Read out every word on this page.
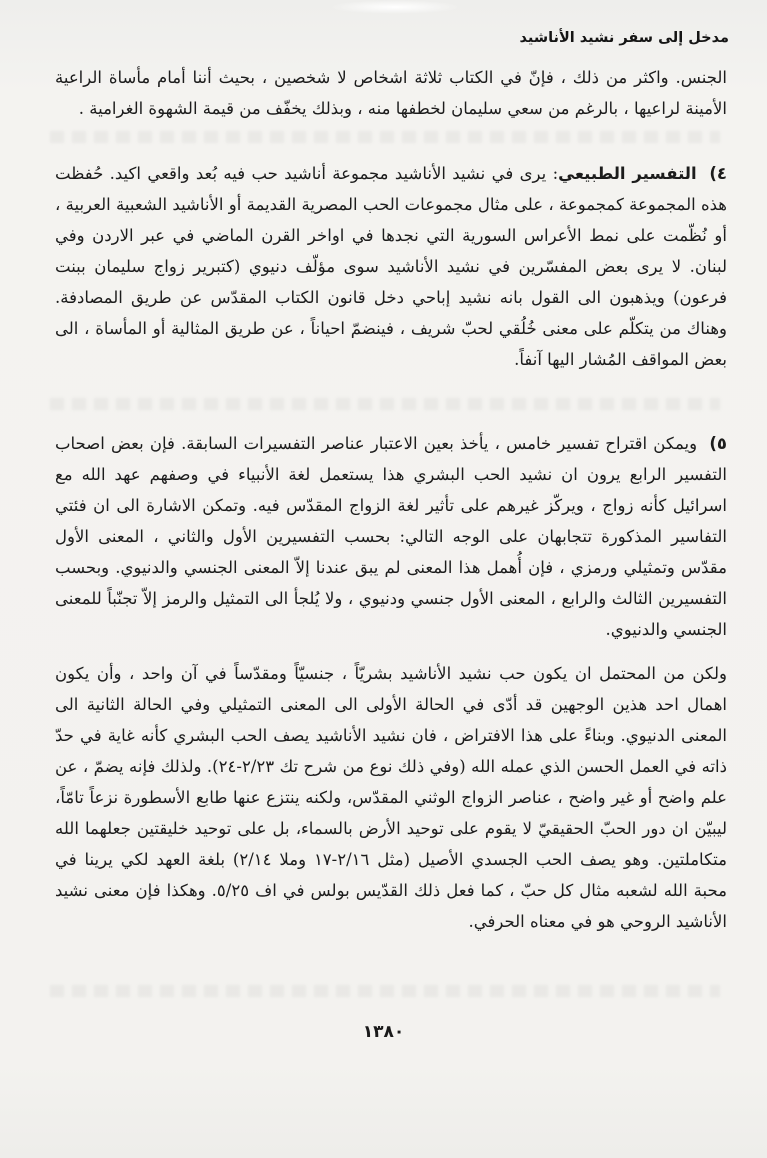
مدخل إلى سفر نشيد الأناشيد

الجنس. واكثر من ذلك ، فإنّ في الكتاب ثلاثة اشخاص لا شخصين ، بحيث أننا أمام مأساة الراعية الأمينة لراعيها ، بالرغم من سعي سليمان لخطفها منه ، وبذلك يخفّف من قيمة الشهوة الغرامية .

٤)  التفسير الطبيعي: يرى في نشيد الأناشيد مجموعة أناشيد حب فيه بُعد واقعي اكيد. حُفظت هذه المجموعة كمجموعة ، على مثال مجموعات الحب المصرية القديمة أو الأناشيد الشعبية العربية ، أو نُظّمت على نمط الأعراس السورية التي نجدها في اواخر القرن الماضي في عبر الاردن وفي لبنان. لا يرى بعض المفسّرين في نشيد الأناشيد سوى مؤلّف دنيوي (كتبرير زواج سليمان ببنت فرعون) ويذهبون الى القول بانه نشيد إباحي دخل قانون الكتاب المقدّس عن طريق المصادفة. وهناك من يتكلّم على معنى خُلُقي لحبّ شريف ، فينضمّ احياناً ، عن طريق المثالية أو المأساة ، الى بعض المواقف المُشار اليها آنفاً.

٥)  ويمكن اقتراح تفسير خامس ، يأخذ بعين الاعتبار عناصر التفسيرات السابقة. فإن بعض اصحاب التفسير الرابع يرون ان نشيد الحب البشري هذا يستعمل لغة الأنبياء في وصفهم عهد الله مع اسرائيل كأنه زواج ، ويركّز غيرهم على تأثير لغة الزواج المقدّس فيه. وتمكن الاشارة الى ان فئتي التفاسير المذكورة تتجابهان على الوجه التالي: بحسب التفسيرين الأول والثاني ، المعنى الأول مقدّس وتمثيلي ورمزي ، فإن أُهمل هذا المعنى لم يبق عندنا إلاّ المعنى الجنسي والدنيوي. وبحسب التفسيرين الثالث والرابع ، المعنى الأول جنسي ودنيوي ، ولا يُلجأ الى التمثيل والرمز إلاّ تجنّباً للمعنى الجنسي والدنيوي.

ولكن من المحتمل ان يكون حب نشيد الأناشيد بشريّاً ، جنسيّاً ومقدّساً في آن واحد ، وأن يكون اهمال احد هذين الوجهين قد أدّى في الحالة الأولى الى المعنى التمثيلي وفي الحالة الثانية الى المعنى الدنيوي. وبناءً على هذا الافتراض ، فان نشيد الأناشيد يصف الحب البشري كأنه غاية في حدّ ذاته في العمل الحسن الذي عمله الله (وفي ذلك نوع من شرح تك ٢/٢٣-٢٤). ولذلك فإنه يضمّ ، عن علم واضح أو غير واضح ، عناصر الزواج الوثني المقدّس، ولكنه ينتزع عنها طابع الأسطورة نزعاً تامّاً، ليبيّن ان دور الحبّ الحقيقيّ لا يقوم على توحيد الأرض بالسماء، بل على توحيد خليقتين جعلهما الله متكاملتين. وهو يصف الحب الجسدي الأصيل (مثل ٢/١٦-١٧ وملا ٢/١٤) بلغة العهد لكي يرينا في محبة الله لشعبه مثال كل حبّ ، كما فعل ذلك القدّيس بولس في اف ٥/٢٥. وهكذا فإن معنى نشيد الأناشيد الروحي هو في معناه الحرفي.

١٣٨٠
